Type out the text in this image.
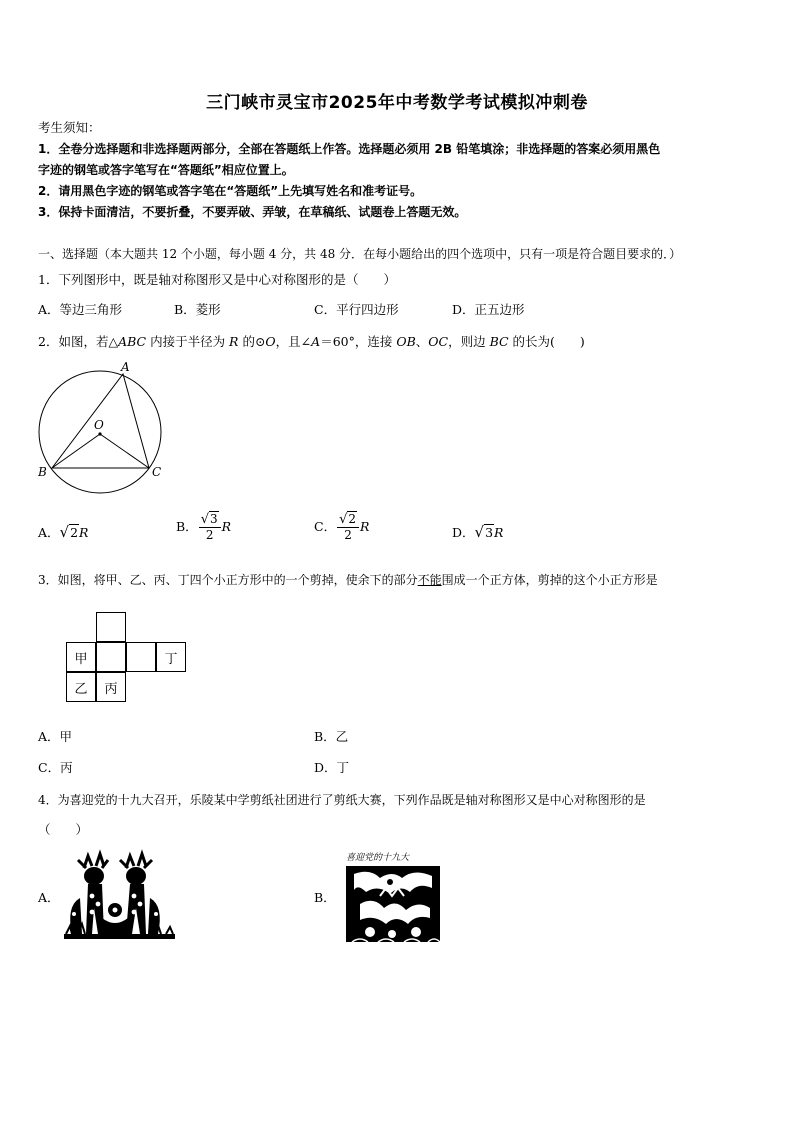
三门峡市灵宝市2025年中考数学考试模拟冲刺卷
考生须知：
1．全卷分选择题和非选择题两部分，全部在答题纸上作答。选择题必须用 2B 铅笔填涂；非选择题的答案必须用黑色
字迹的钢笔或答字笔写在“答题纸”相应位置上。
2．请用黑色字迹的钢笔或答字笔在“答题纸”上先填写姓名和准考证号。
3．保持卡面清洁，不要折叠，不要弄破、弄皱，在草稿纸、试题卷上答题无效。
一、选择题（本大题共 12 个小题，每小题 4 分，共 48 分．在每小题给出的四个选项中，只有一项是符合题目要求的．）
1．下列图形中，既是轴对称图形又是中心对称图形的是（　　）
A．等边三角形	B．菱形	C．平行四边形	D．正五边形
2．如图，若△ABC 内接于半径为 R 的⊙O，且∠A＝60°，连接 OB、OC，则边 BC 的长为(　　)
A
B	C
O
A．√2R	B． $\frac{√3}{2}$ R	C． $\frac{√2}{2}$ R	D．√3R
3．如图，将甲、乙、丙、丁四个小正方形中的一个剪掉，使余下的部分不能围成一个正方体，剪掉的这个小正方形是
甲	丁
乙	丙
A．甲	B．乙
C．丙	D．丁
4．为喜迎党的十九大召开，乐陵某中学剪纸社团进行了剪纸大赛，下列作品既是轴对称图形又是中心对称图形的是
（　　）
A．	B．
喜迎党的十九大
